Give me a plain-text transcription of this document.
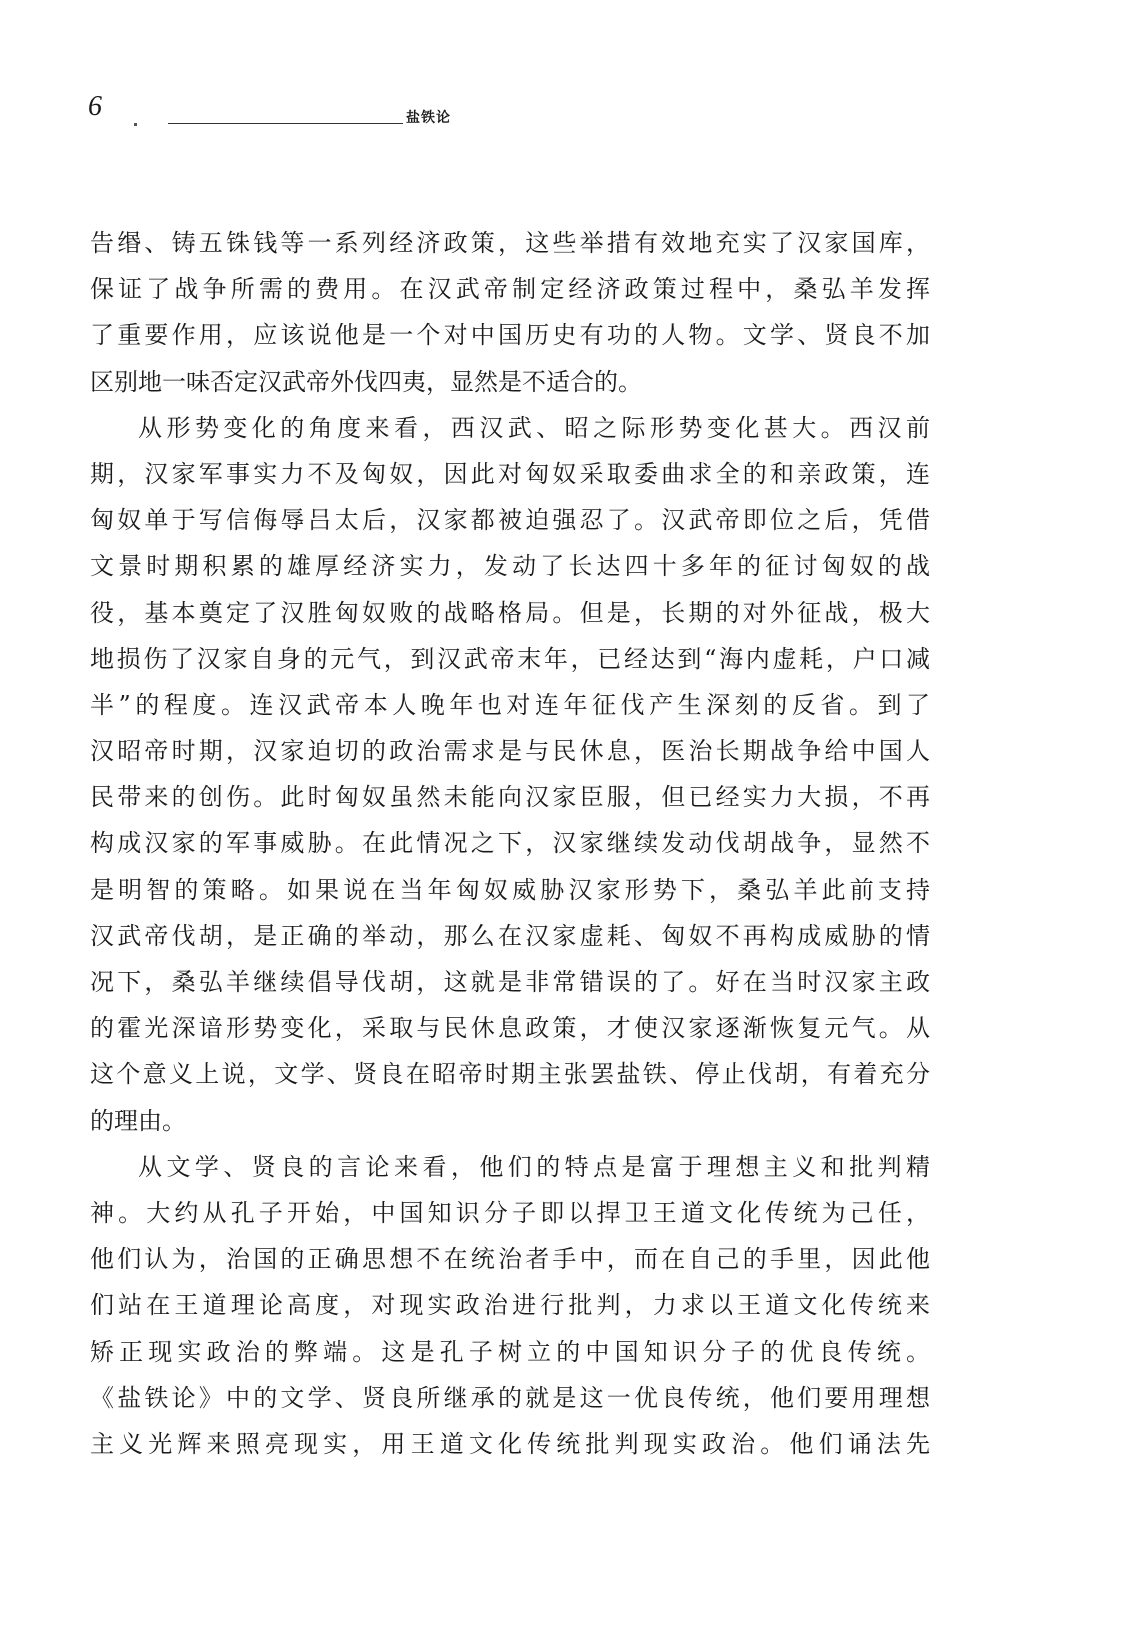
6	盐铁论
告缗、铸五铢钱等一系列经济政策，这些举措有效地充实了汉家国库，
保证了战争所需的费用。在汉武帝制定经济政策过程中，桑弘羊发挥
了重要作用，应该说他是一个对中国历史有功的人物。文学、贤良不加
区别地一味否定汉武帝外伐四夷，显然是不适合的。
从形势变化的角度来看，西汉武、昭之际形势变化甚大。西汉前
期，汉家军事实力不及匈奴，因此对匈奴采取委曲求全的和亲政策，连
匈奴单于写信侮辱吕太后，汉家都被迫强忍了。汉武帝即位之后，凭借
文景时期积累的雄厚经济实力，发动了长达四十多年的征讨匈奴的战
役，基本奠定了汉胜匈奴败的战略格局。但是，长期的对外征战，极大
地损伤了汉家自身的元气，到汉武帝末年，已经达到“海内虚耗，户口减
半”的程度。连汉武帝本人晚年也对连年征伐产生深刻的反省。到了
汉昭帝时期，汉家迫切的政治需求是与民休息，医治长期战争给中国人
民带来的创伤。此时匈奴虽然未能向汉家臣服，但已经实力大损，不再
构成汉家的军事威胁。在此情况之下，汉家继续发动伐胡战争，显然不
是明智的策略。如果说在当年匈奴威胁汉家形势下，桑弘羊此前支持
汉武帝伐胡，是正确的举动，那么在汉家虚耗、匈奴不再构成威胁的情
况下，桑弘羊继续倡导伐胡，这就是非常错误的了。好在当时汉家主政
的霍光深谙形势变化，采取与民休息政策，才使汉家逐渐恢复元气。从
这个意义上说，文学、贤良在昭帝时期主张罢盐铁、停止伐胡，有着充分
的理由。
从文学、贤良的言论来看，他们的特点是富于理想主义和批判精
神。大约从孔子开始，中国知识分子即以捍卫王道文化传统为己任，
他们认为，治国的正确思想不在统治者手中，而在自己的手里，因此他
们站在王道理论高度，对现实政治进行批判，力求以王道文化传统来
矫正现实政治的弊端。这是孔子树立的中国知识分子的优良传统。
《盐铁论》中的文学、贤良所继承的就是这一优良传统，他们要用理想
主义光辉来照亮现实，用王道文化传统批判现实政治。他们诵法先
